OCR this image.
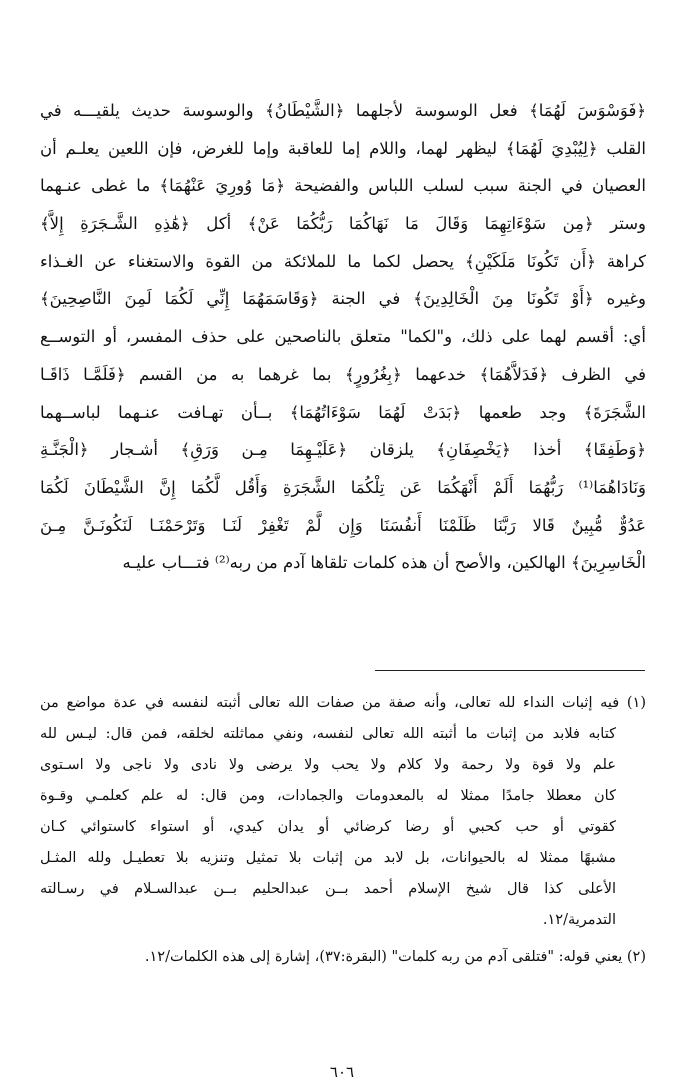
﴿فَوَسْوَسَ لَهُمَا﴾ فعل الوسوسة لأجلهما ﴿الشَّيْطَانُ﴾ والوسوسة حديث يلقيـــه في
القلب ﴿لِيُبْدِيَ لَهُمَا﴾ ليظهر لهما، واللام إما للعاقبة وإما للغرض، فإن اللعين يعلـم أن
العصيان في الجنة سبب لسلب اللباس والفضيحة ﴿مَا وُورِيَ عَنْهُمَا﴾ ما غطى عنـهما
وستر ﴿مِن سَوْءَاتِهِمَا وَقَالَ مَا نَهَاكُمَا رَبُّكُمَا عَنْ﴾ أكل ﴿هَٰذِهِ الشَّـجَرَةِ إِلاَّ﴾
كراهة ﴿أَن تَكُونَا مَلَكَيْنِ﴾ يحصل لكما ما للملائكة من القوة والاستغناء عن الغـذاء
وغيره ﴿أَوْ تَكُونَا مِنَ الْخَالِدِينَ﴾ في الجنة ﴿وَقَاسَمَهُمَا إِنِّي لَكُمَا لَمِنَ النَّاصِحِينَ﴾
أي: أقسم لهما على ذلك، و"لكما" متعلق بالناصحين على حذف المفسر، أو التوســع
في الظرف ﴿فَدَلاَّهُمَا﴾ خدعهما ﴿بِغُرُورٍ﴾ بما غرهما به من القسم ﴿فَلَمَّـا ذَاقَـا
الشَّجَرَةَ﴾ وجد طعمها ﴿بَدَتْ لَهُمَا سَوْءَاتُهُمَا﴾ بــأن تهـافت عنـهما لباســهما
﴿وَطَفِقَا﴾ أخذا ﴿يَخْصِفَانِ﴾ يلزقان ﴿عَلَيْـهِمَا مِـن وَرَقِ﴾ أشـجار ﴿الْجَنَّـةِ
وَنَادَاهُمَا⁽¹⁾ رَبُّهُمَا أَلَمْ أَنْهَكُمَا عَن تِلْكُمَا الشَّجَرَةِ وَأَقُل لَّكُمَا إِنَّ الشَّيْطَانَ لَكُمَا
عَدُوٌّ مُّبِينٌ قَالا رَبَّنَا ظَلَمْنَا أَنفُسَنَا وَإِن لَّمْ تَغْفِرْ لَنَـا وَتَرْحَمْنَـا لَنَكُونَـنَّ مِـنَ
الْخَاسِرِينَ﴾ الهالكين، والأصح أن هذه كلمات تلقاها آدم من ربه⁽²⁾ فتـــاب عليـه
(١) فيه إثبات النداء لله تعالى، وأنه صفة من صفات الله تعالى أثبته لنفسه في عدة مواضع من
كتابه فلابد من إثبات ما أثبته الله تعالى لنفسه، ونفي مماثلته لخلقه، فمن قال: ليـس لله
علم ولا قوة ولا رحمة ولا كلام ولا يحب ولا يرضى ولا نادى ولا ناجى ولا اسـتوى
كان معطلا جامدًا ممثلا له بالمعدومات والجمادات، ومن قال: له علم كعلمـي وقـوة
كقوتي أو حب كحبي أو رضا كرضائي أو يدان كيدي، أو استواء كاستوائي كـان
مشبهًا ممثلا له بالحيوانات، بل لابد من إثبات بلا تمثيل وتنزيه بلا تعطيـل ولله المثـل
الأعلى كذا قال شيخ الإسلام أحمد بــن عبدالحليم بــن عبدالسـلام في رسـالته
التدمرية/١٢.
(٢) يعني قوله: "فتلقى آدم من ربه كلمات" (البقرة:٣٧)، إشارة إلى هذه الكلمات/١٢.
٦٠٦
